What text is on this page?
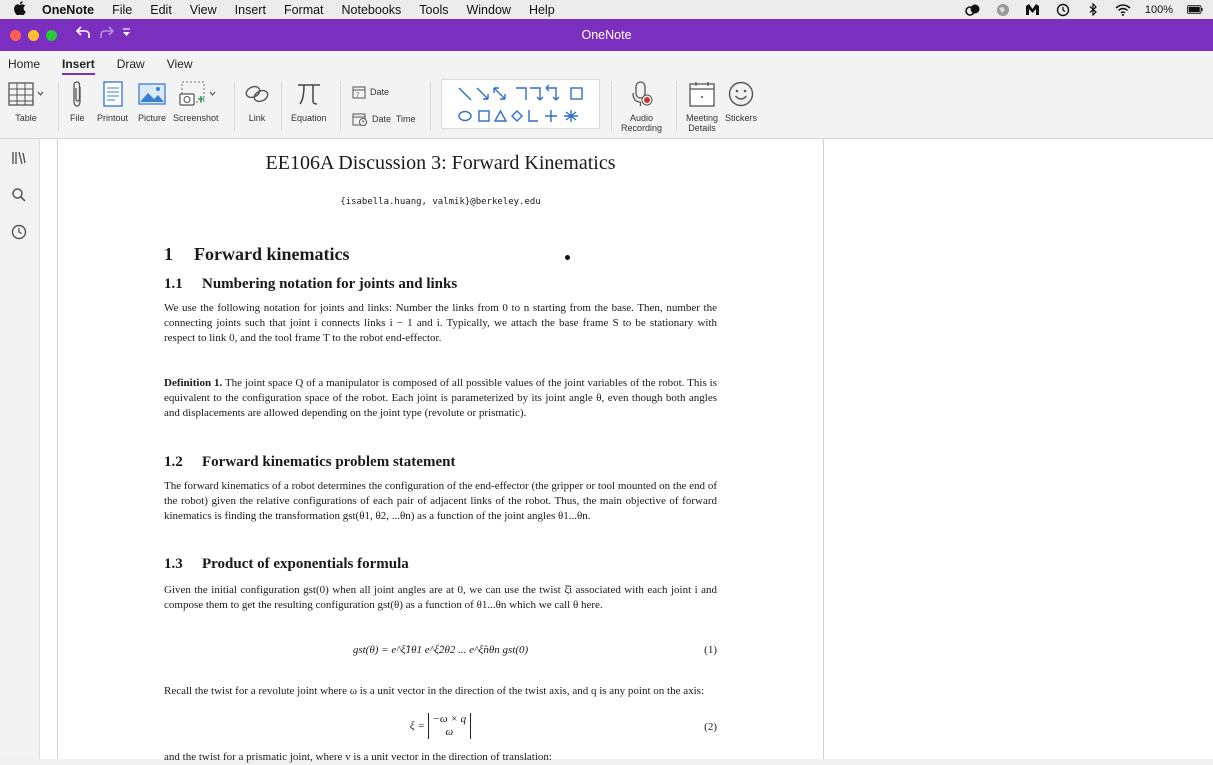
OneNote File Edit View Insert Format Notebooks Tools Window Help	100%
OneNote
Home Insert Draw View
Table	File Printout Picture Screenshot	Link	Equation
7 Date
Date  Time	Audio
Recording
Meeting
Details
Stickers
EE106A Discussion 3: Forward Kinematics
{isabella.huang, valmik}@berkeley.edu
1 Forward kinematics
1.1 Numbering notation for joints and links
We use the following notation for joints and links: Number the links from 0 to n starting from the base. Then, number the connecting joints such that joint i connects links i − 1 and i. Typically, we attach the base frame S to be stationary with respect to link 0, and the tool frame T to the robot end-effector.
Definition 1. The joint space Q of a manipulator is composed of all possible values of the joint variables of the robot. This is equivalent to the configuration space of the robot. Each joint is parameterized by its joint angle θ, even though both angles and displacements are allowed depending on the joint type (revolute or prismatic).
1.2 Forward kinematics problem statement
The forward kinematics of a robot determines the configuration of the end-effector (the gripper or tool mounted on the end of the robot) given the relative configurations of each pair of adjacent links of the robot. Thus, the main objective of forward kinematics is finding the transformation gst(θ1, θ2, ...θn) as a function of the joint angles θ1...θn.
1.3 Product of exponentials formula
Given the initial configuration gst(0) when all joint angles are at 0, we can use the twist ξ̂i associated with each joint i and compose them to get the resulting configuration gst(θ) as a function of θ1...θn which we call θ here.
gst(θ) = e^ξ̂1θ1 e^ξ̂2θ2 ... e^ξ̂nθn gst(0)	(1)
Recall the twist for a revolute joint where ω is a unit vector in the direction of the twist axis, and q is any point on the axis:
ξ = −ω × q
ω	(2)
and the twist for a prismatic joint, where v is a unit vector in the direction of translation:
